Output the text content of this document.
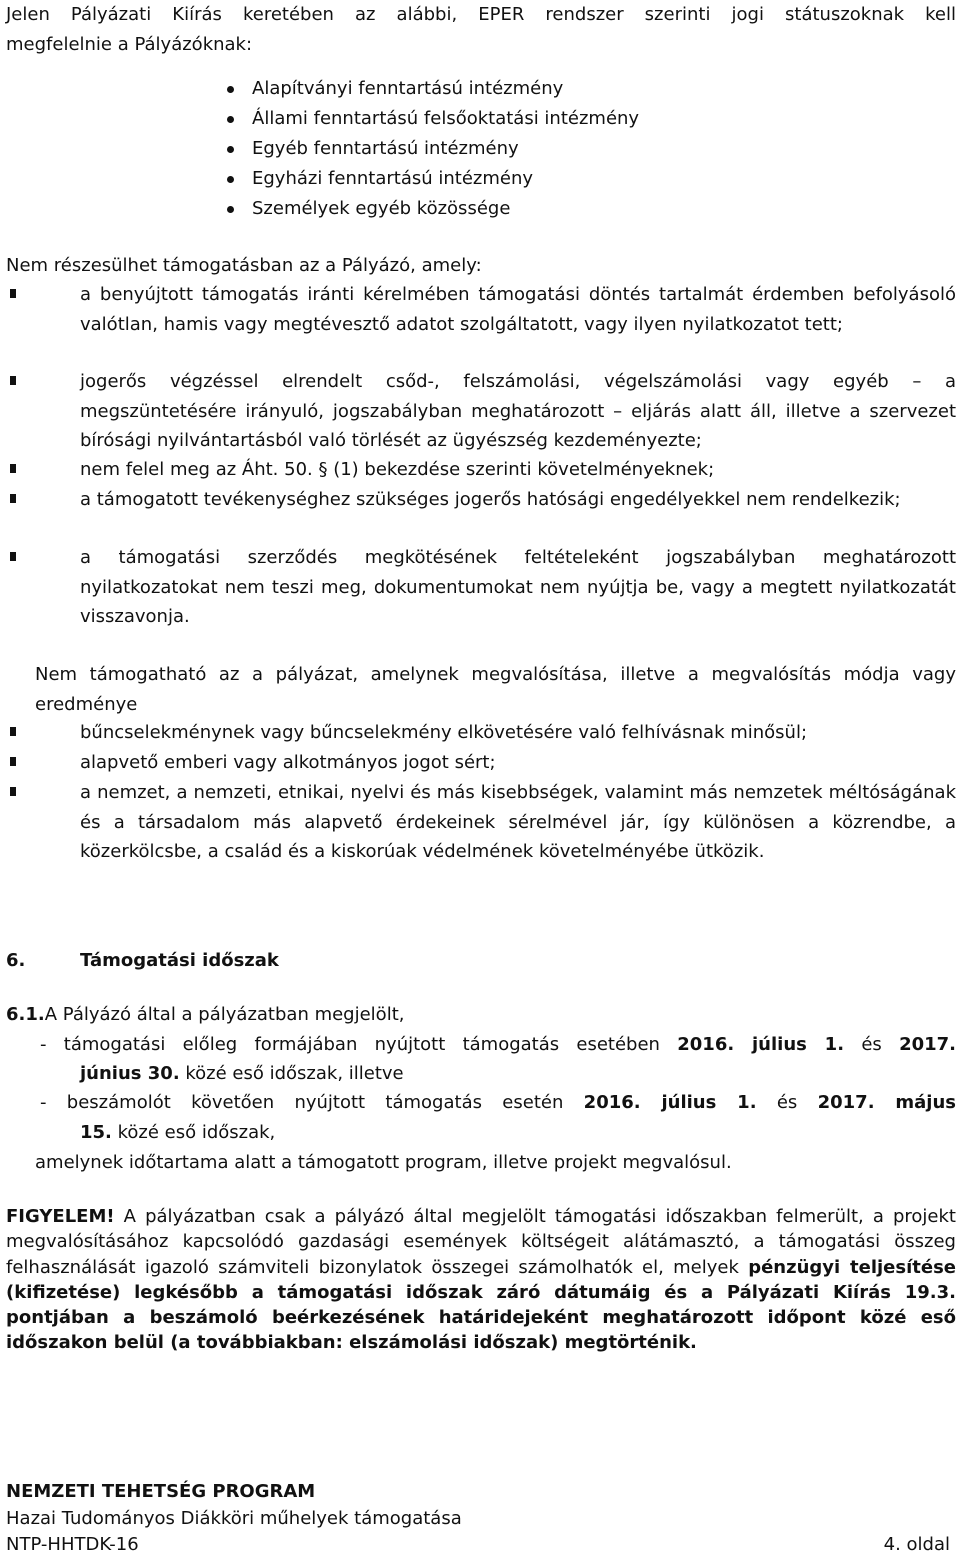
Jelen Pályázati Kiírás keretében az alábbi, EPER rendszer szerinti jogi státuszoknak kell

megfelelnie a Pályázóknak:

Alapítványi fenntartású intézmény
Állami fenntartású felsőoktatási intézmény
Egyéb fenntartású intézmény
Egyházi fenntartású intézmény
Személyek egyéb közössége

Nem részesülhet támogatásban az a Pályázó, amely:

a benyújtott támogatás iránti kérelmében támogatási döntés tartalmát érdemben befolyásoló valótlan, hamis vagy megtévesztő adatot szolgáltatott, vagy ilyen nyilatkozatot tett;

jogerős végzéssel elrendelt csőd-, felszámolási, végelszámolási vagy egyéb – a megszüntetésére irányuló, jogszabályban meghatározott – eljárás alatt áll, illetve a szervezet bírósági nyilvántartásból való törlését az ügyészség kezdeményezte;

nem felel meg az Áht. 50. § (1) bekezdése szerinti követelményeknek;

a támogatott tevékenységhez szükséges jogerős hatósági engedélyekkel nem rendelkezik;

a támogatási szerződés megkötésének feltételeként jogszabályban meghatározott nyilatkozatokat nem teszi meg, dokumentumokat nem nyújtja be, vagy a megtett nyilatkozatát visszavonja.

Nem támogatható az a pályázat, amelynek megvalósítása, illetve a megvalósítás módja vagy eredménye

bűncselekménynek vagy bűncselekmény elkövetésére való felhívásnak minősül;

alapvető emberi vagy alkotmányos jogot sért;

a nemzet, a nemzeti, etnikai, nyelvi és más kisebbségek, valamint más nemzetek méltóságának és a társadalom más alapvető érdekeinek sérelmével jár, így különösen a közrendbe, a közerkölcsbe, a család és a kiskorúak védelmének követelményébe ütközik.

6.	Támogatási időszak

6.1.A Pályázó által a pályázatban megjelölt,

- támogatási előleg formájában nyújtott támogatás esetében 2016. július 1. és 2017.

június 30. közé eső időszak, illetve

- beszámolót követően nyújtott támogatás esetén 2016. július 1. és 2017. május

15. közé eső időszak,

amelynek időtartama alatt a támogatott program, illetve projekt megvalósul.

FIGYELEM! A pályázatban csak a pályázó által megjelölt támogatási időszakban felmerült, a projekt megvalósításához kapcsolódó gazdasági események költségeit alátámasztó, a támogatási összeg felhasználását igazoló számviteli bizonylatok összegei számolhatók el, melyek pénzügyi teljesítése (kifizetése) legkésőbb a támogatási időszak záró dátumáig és a Pályázati Kiírás 19.3. pontjában a beszámoló beérkezésének határidejeként meghatározott időpont közé eső időszakon belül (a továbbiakban: elszámolási időszak) megtörténik.

NEMZETI TEHETSÉG PROGRAM
Hazai Tudományos Diákköri műhelyek támogatása
NTP-HHTDK-16	4. oldal
